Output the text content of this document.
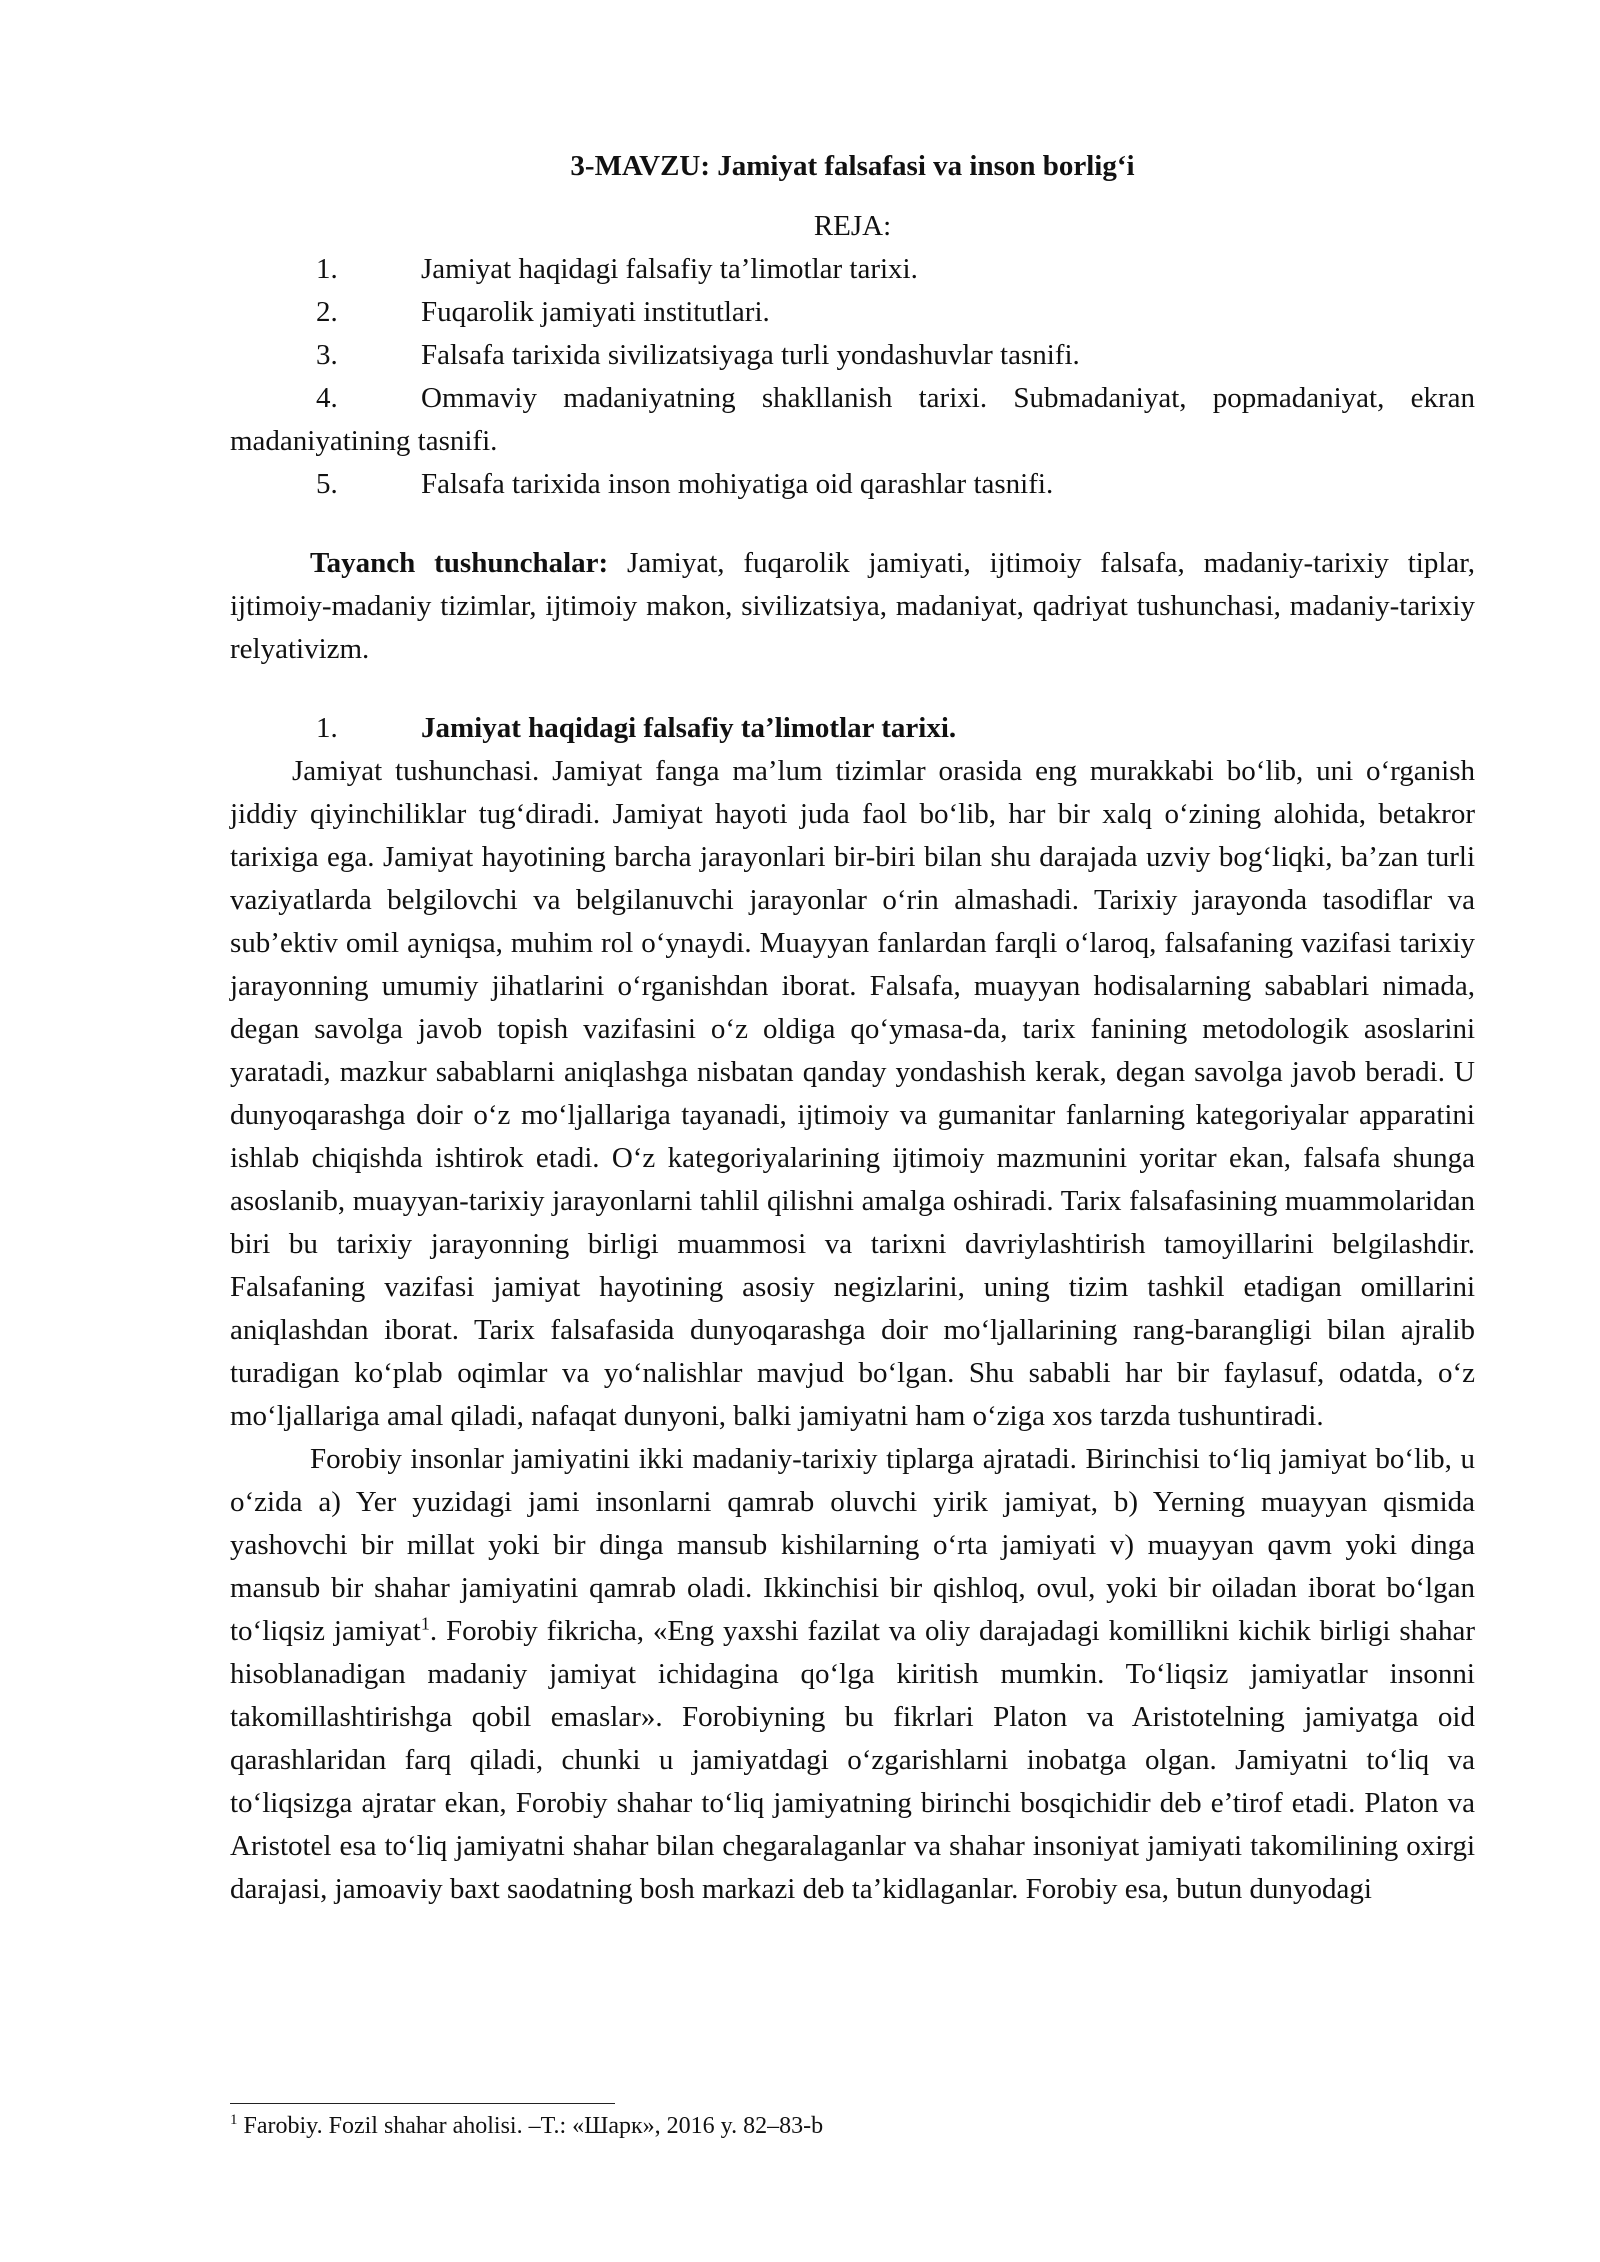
3-MAVZU: Jamiyat falsafasi va inson borlig‘i

REJA:

1.	Jamiyat haqidagi falsafiy ta’limotlar tarixi.
2.	Fuqarolik jamiyati institutlari.
3.	Falsafa tarixida sivilizatsiyaga turli yondashuvlar tasnifi.
4.	Ommaviy madaniyatning shakllanish tarixi. Submadaniyat, popmadaniyat, ekran madaniyatining tasnifi.
5.	Falsafa tarixida inson mohiyatiga oid qarashlar tasnifi.

Tayanch tushunchalar: Jamiyat, fuqarolik jamiyati, ijtimoiy falsafa, madaniy-tarixiy tiplar, ijtimoiy-madaniy tizimlar, ijtimoiy makon, sivilizatsiya, madaniyat, qadriyat tushunchasi, madaniy-tarixiy relyativizm.

1.	Jamiyat haqidagi falsafiy ta’limotlar tarixi.

Jamiyat tushunchasi. Jamiyat fanga ma’lum tizimlar orasida eng murakkabi bo‘lib, uni o‘rganish jiddiy qiyinchiliklar tug‘diradi. Jamiyat hayoti juda faol bo‘lib, har bir xalq o‘zining alohida, betakror tarixiga ega. Jamiyat hayotining barcha jarayonlari bir-biri bilan shu darajada uzviy bog‘liqki, ba’zan turli vaziyatlarda belgilovchi va belgilanuvchi jarayonlar o‘rin almashadi. Tarixiy jarayonda tasodiflar va sub’ektiv omil ayniqsa, muhim rol o‘ynaydi. Muayyan fanlardan farqli o‘laroq, falsafaning vazifasi tarixiy jarayonning umumiy jihatlarini o‘rganishdan iborat. Falsafa, muayyan hodisalarning sabablari nimada, degan savolga javob topish vazifasini o‘z oldiga qo‘ymasa-da, tarix fanining metodologik asoslarini yaratadi, mazkur sabablarni aniqlashga nisbatan qanday yondashish kerak, degan savolga javob beradi. U dunyoqarashga doir o‘z mo‘ljallariga tayanadi, ijtimoiy va gumanitar fanlarning kategoriyalar apparatini ishlab chiqishda ishtirok etadi. O‘z kategoriyalarining ijtimoiy mazmunini yoritar ekan, falsafa shunga asoslanib, muayyan-tarixiy jarayonlarni tahlil qilishni amalga oshiradi. Tarix falsafasining muammolaridan biri bu tarixiy jarayonning birligi muammosi va tarixni davriylashtirish tamoyillarini belgilashdir. Falsafaning vazifasi jamiyat hayotining asosiy negizlarini, uning tizim tashkil etadigan omillarini aniqlashdan iborat. Tarix falsafasida dunyoqarashga doir mo‘ljallarining rang-barangligi bilan ajralib turadigan ko‘plab oqimlar va yo‘nalishlar mavjud bo‘lgan. Shu sababli har bir faylasuf, odatda, o‘z mo‘ljallariga amal qiladi, nafaqat dunyoni, balki jamiyatni ham o‘ziga xos tarzda tushuntiradi.

Forobiy insonlar jamiyatini ikki madaniy-tarixiy tiplarga ajratadi. Birinchisi to‘liq jamiyat bo‘lib, u o‘zida a) Yer yuzidagi jami insonlarni qamrab oluvchi yirik jamiyat, b) Yerning muayyan qismida yashovchi bir millat yoki bir dinga mansub kishilarning o‘rta jamiyati v) muayyan qavm yoki dinga mansub bir shahar jamiyatini qamrab oladi. Ikkinchisi bir qishloq, ovul, yoki bir oiladan iborat bo‘lgan to‘liqsiz jamiyat$^1$. Forobiy fikricha, «Eng yaxshi fazilat va oliy darajadagi komillikni kichik birligi shahar hisoblanadigan madaniy jamiyat ichidagina qo‘lga kiritish mumkin. To‘liqsiz jamiyatlar insonni takomillashtirishga qobil emaslar». Forobiyning bu fikrlari Platon va Aristotelning jamiyatga oid qarashlaridan farq qiladi, chunki u jamiyatdagi o‘zgarishlarni inobatga olgan. Jamiyatni to‘liq va to‘liqsizga ajratar ekan, Forobiy shahar to‘liq jamiyatning birinchi bosqichidir deb e’tirof etadi. Platon va Aristotel esa to‘liq jamiyatni shahar bilan chegaralaganlar va shahar insoniyat jamiyati takomilining oxirgi darajasi, jamoaviy baxt saodatning bosh markazi deb ta’kidlaganlar. Forobiy esa, butun dunyodagi

$^1$ Farobiy. Fozil shahar aholisi. –T.: «Шарк», 2016 y. 82–83-b
